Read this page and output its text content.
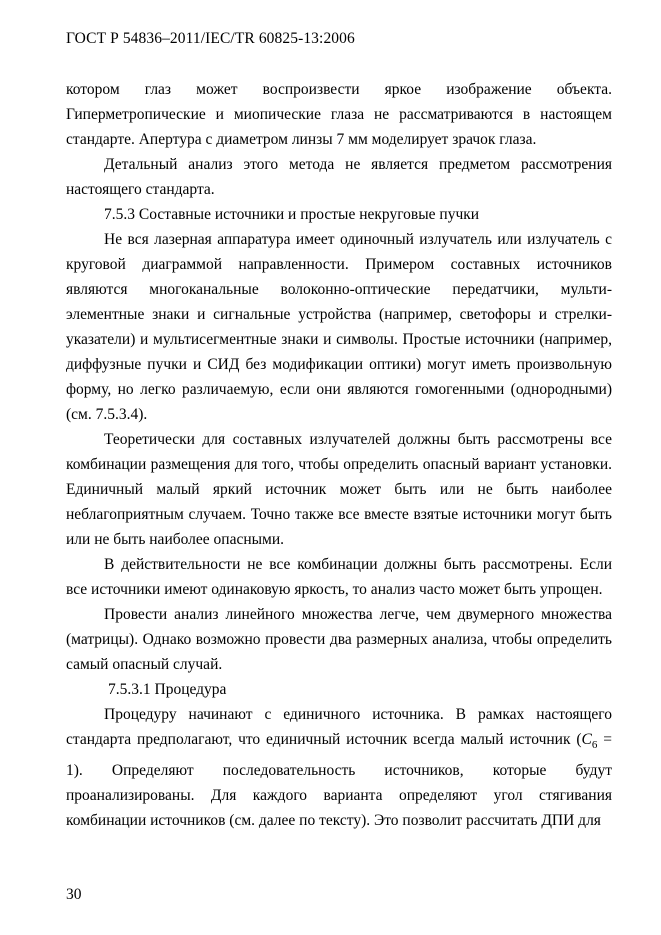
ГОСТ Р 54836–2011/IEC/TR 60825-13:2006

котором глаз может воспроизвести яркое изображение объекта. Гиперметропические и миопические глаза не рассматриваются в настоящем стандарте. Апертура с диаметром линзы 7 мм моделирует зрачок глаза.

Детальный анализ этого метода не является предметом рассмотрения настоящего стандарта.

7.5.3 Составные источники и простые некруговые пучки

Не вся лазерная аппаратура имеет одиночный излучатель или излучатель с круговой диаграммой направленности. Примером составных источников являются многоканальные волоконно-оптические передатчики, мульти-элементные знаки и сигнальные устройства (например, светофоры и стрелки-указатели) и мультисегментные знаки и символы. Простые источники (например, диффузные пучки и СИД без модификации оптики) могут иметь произвольную форму, но легко различаемую, если они являются гомогенными (однородными) (см. 7.5.3.4).

Теоретически для составных излучателей должны быть рассмотрены все комбинации размещения для того, чтобы определить опасный вариант установки. Единичный малый яркий источник может быть или не быть наиболее неблагоприятным случаем. Точно также все вместе взятые источники могут быть или не быть наиболее опасными.

В действительности не все комбинации должны быть рассмотрены. Если все источники имеют одинаковую яркость, то анализ часто может быть упрощен.

Провести анализ линейного множества легче, чем двумерного множества (матрицы). Однако возможно провести два размерных анализа, чтобы определить самый опасный случай.

7.5.3.1 Процедура

Процедуру начинают с единичного источника. В рамках настоящего стандарта предполагают, что единичный источник всегда малый источник $(C_6 = 1)$. Определяют последовательность источников, которые будут проанализированы. Для каждого варианта определяют угол стягивания комбинации источников (см. далее по тексту). Это позволит рассчитать ДПИ для

30
